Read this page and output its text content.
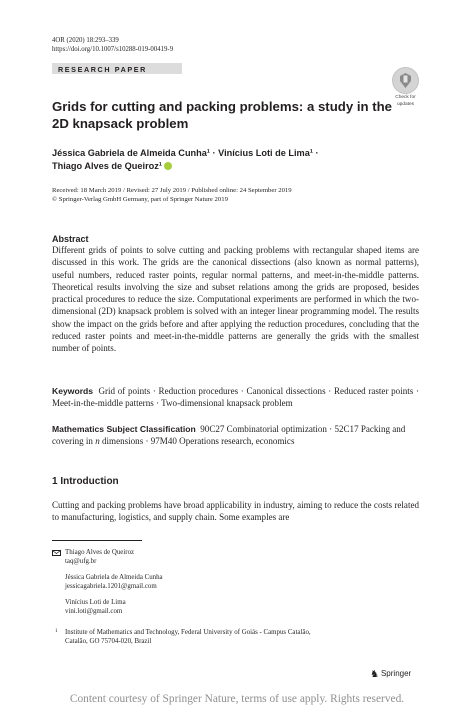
4OR (2020) 18:293–339
https://doi.org/10.1007/s10288-019-00419-9
RESEARCH PAPER
Check for
updates
Grids for cutting and packing problems: a study in the 2D knapsack problem
Jéssica Gabriela de Almeida Cunha¹ · Vinícius Loti de Lima¹ ·
Thiago Alves de Queiroz¹
Received: 18 March 2019 / Revised: 27 July 2019 / Published online: 24 September 2019
© Springer-Verlag GmbH Germany, part of Springer Nature 2019
Abstract
Different grids of points to solve cutting and packing problems with rectangular shaped items are discussed in this work. The grids are the canonical dissections (also known as normal patterns), useful numbers, reduced raster points, regular normal patterns, and meet-in-the-middle patterns. Theoretical results involving the size and subset relations among the grids are proposed, besides practical procedures to reduce the size. Computational experiments are performed in which the two-dimensional (2D) knapsack problem is solved with an integer linear programming model. The results show the impact on the grids before and after applying the reduction procedures, concluding that the reduced raster points and meet-in-the-middle patterns are generally the grids with the smallest number of points.
Keywords Grid of points · Reduction procedures · Canonical dissections · Reduced raster points · Meet-in-the-middle patterns · Two-dimensional knapsack problem
Mathematics Subject Classification 90C27 Combinatorial optimization · 52C17 Packing and covering in n dimensions · 97M40 Operations research, economics
1 Introduction
Cutting and packing problems have broad applicability in industry, aiming to reduce the costs related to manufacturing, logistics, and supply chain. Some examples are
Thiago Alves de Queiroz
taq@ufg.br
Jéssica Gabriela de Almeida Cunha
jessicagabriela.1201@gmail.com
Vinícius Loti de Lima
vini.loti@gmail.com
1 Institute of Mathematics and Technology, Federal University of Goiás - Campus Catalão,
Catalão, GO 75704-020, Brazil
♞ Springer
Content courtesy of Springer Nature, terms of use apply. Rights reserved.
